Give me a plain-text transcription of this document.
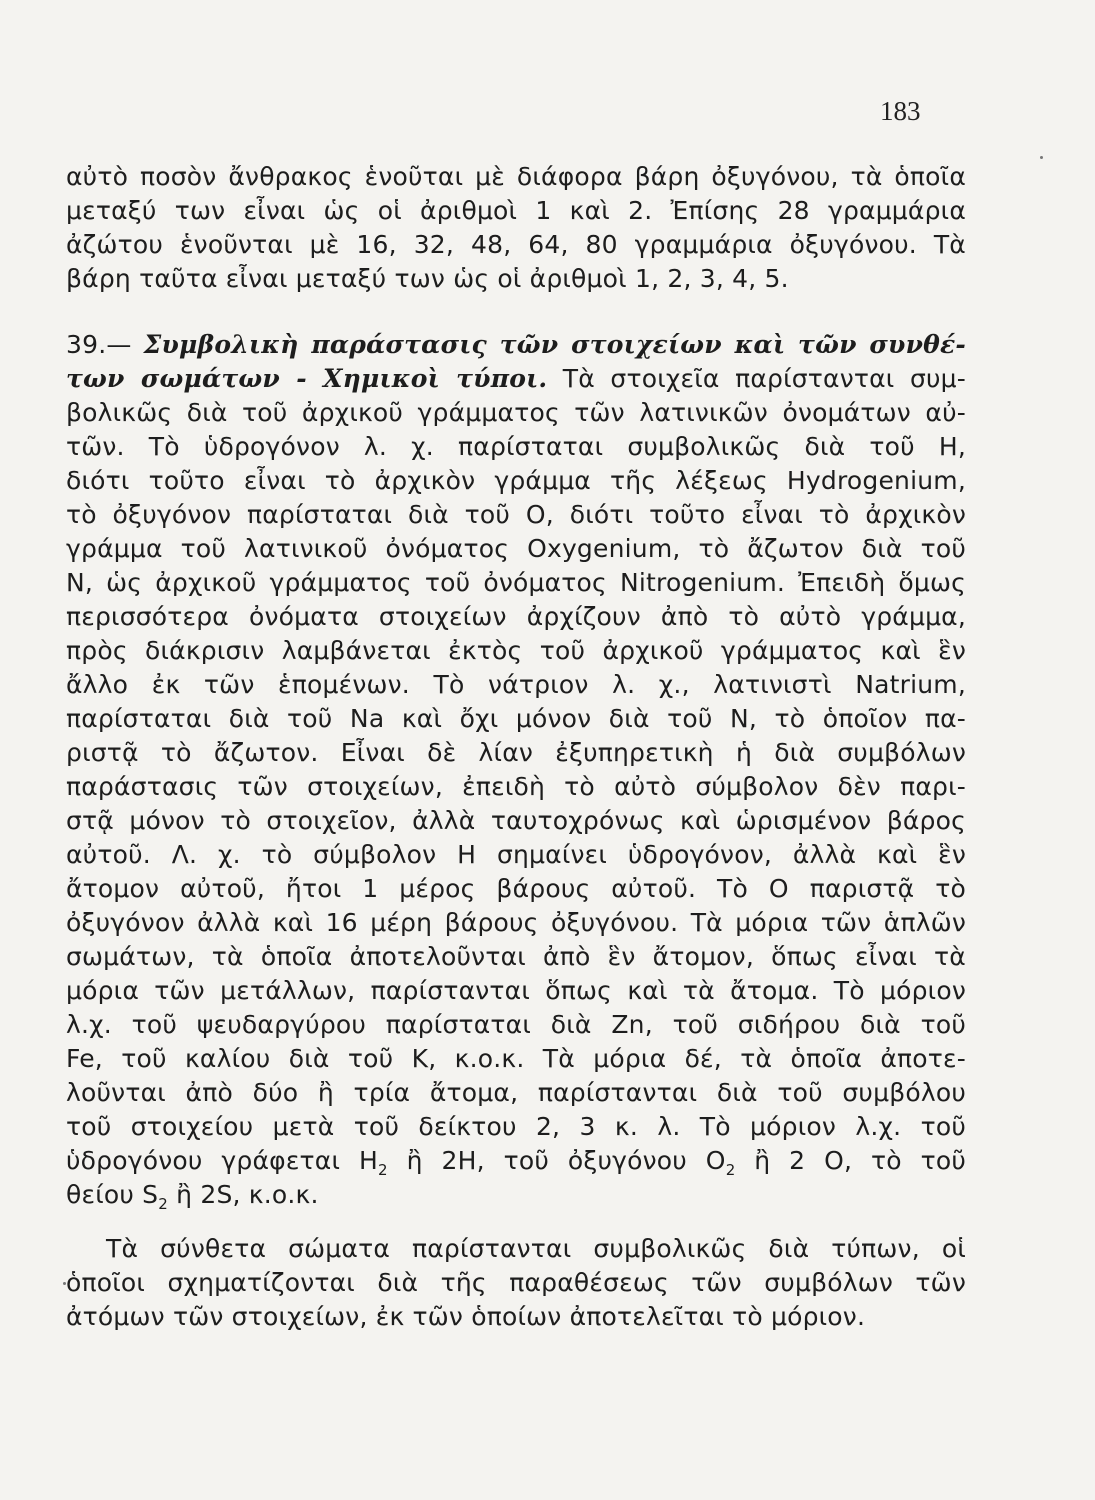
183
αὐτὸ ποσὸν ἄνθρακος ἑνοῦται μὲ διάφορα βάρη ὀξυγόνου, τὰ ὁποῖα
μεταξύ των εἶναι ὡς οἱ ἀριθμοὶ 1 καὶ 2. Ἐπίσης 28 γραμμάρια
ἀζώτου ἑνοῦνται μὲ 16, 32, 48, 64, 80 γραμμάρια ὀξυγόνου. Τὰ
βάρη ταῦτα εἶναι μεταξύ των ὡς οἱ ἀριθμοὶ 1, 2, 3, 4, 5.
39.— Συμβολικὴ παράστασις τῶν στοιχείων καὶ τῶν συνθέ-
των σωμάτων - Χημικοὶ τύποι. Τὰ στοιχεῖα παρίστανται συμ-
βολικῶς διὰ τοῦ ἀρχικοῦ γράμματος τῶν λατινικῶν ὀνομάτων αὐ-
τῶν. Τὸ ὑδρογόνον λ. χ. παρίσταται συμβολικῶς διὰ τοῦ Η,
διότι τοῦτο εἶναι τὸ ἀρχικὸν γράμμα τῆς λέξεως Hydrogenium,
τὸ ὀξυγόνον παρίσταται διὰ τοῦ Ο, διότι τοῦτο εἶναι τὸ ἀρχικὸν
γράμμα τοῦ λατινικοῦ ὀνόματος Oxygenium, τὸ ἄζωτον διὰ τοῦ
Ν, ὡς ἀρχικοῦ γράμματος τοῦ ὀνόματος Nitrogenium. Ἐπειδὴ ὅμως
περισσότερα ὀνόματα στοιχείων ἀρχίζουν ἀπὸ τὸ αὐτὸ γράμμα,
πρὸς διάκρισιν λαμβάνεται ἐκτὸς τοῦ ἀρχικοῦ γράμματος καὶ ἓν
ἄλλο ἐκ τῶν ἑπομένων. Τὸ νάτριον λ. χ., λατινιστὶ Natrium,
παρίσταται διὰ τοῦ Na καὶ ὄχι μόνον διὰ τοῦ Ν, τὸ ὁποῖον πα-
ριστᾷ τὸ ἄζωτον. Εἶναι δὲ λίαν ἐξυπηρετικὴ ἡ διὰ συμβόλων
παράστασις τῶν στοιχείων, ἐπειδὴ τὸ αὐτὸ σύμβολον δὲν παρι-
στᾷ μόνον τὸ στοιχεῖον, ἀλλὰ ταυτοχρόνως καὶ ὡρισμένον βάρος
αὐτοῦ. Λ. χ. τὸ σύμβολον Η σημαίνει ὑδρογόνον, ἀλλὰ καὶ ἓν
ἄτομον αὐτοῦ, ἤτοι 1 μέρος βάρους αὐτοῦ. Τὸ Ο παριστᾷ τὸ
ὀξυγόνον ἀλλὰ καὶ 16 μέρη βάρους ὀξυγόνου. Τὰ μόρια τῶν ἁπλῶν
σωμάτων, τὰ ὁποῖα ἀποτελοῦνται ἀπὸ ἓν ἄτομον, ὅπως εἶναι τὰ
μόρια τῶν μετάλλων, παρίστανται ὅπως καὶ τὰ ἄτομα. Τὸ μόριον
λ.χ. τοῦ ψευδαργύρου παρίσταται διὰ Zn, τοῦ σιδήρου διὰ τοῦ
Fe, τοῦ καλίου διὰ τοῦ Κ, κ.ο.κ. Τὰ μόρια δέ, τὰ ὁποῖα ἀποτε-
λοῦνται ἀπὸ δύο ἢ τρία ἄτομα, παρίστανται διὰ τοῦ συμβόλου
τοῦ στοιχείου μετὰ τοῦ δείκτου 2, 3 κ. λ. Τὸ μόριον λ.χ. τοῦ
ὑδρογόνου γράφεται $H_2$ ἢ 2Η, τοῦ ὀξυγόνου $O_2$ ἢ 2 Ο, τὸ τοῦ
θείου $S_2$ ἢ 2S, κ.ο.κ.
Τὰ σύνθετα σώματα παρίστανται συμβολικῶς διὰ τύπων, οἱ
ὁποῖοι σχηματίζονται διὰ τῆς παραθέσεως τῶν συμβόλων τῶν
ἀτόμων τῶν στοιχείων, ἐκ τῶν ὁποίων ἀποτελεῖται τὸ μόριον.
